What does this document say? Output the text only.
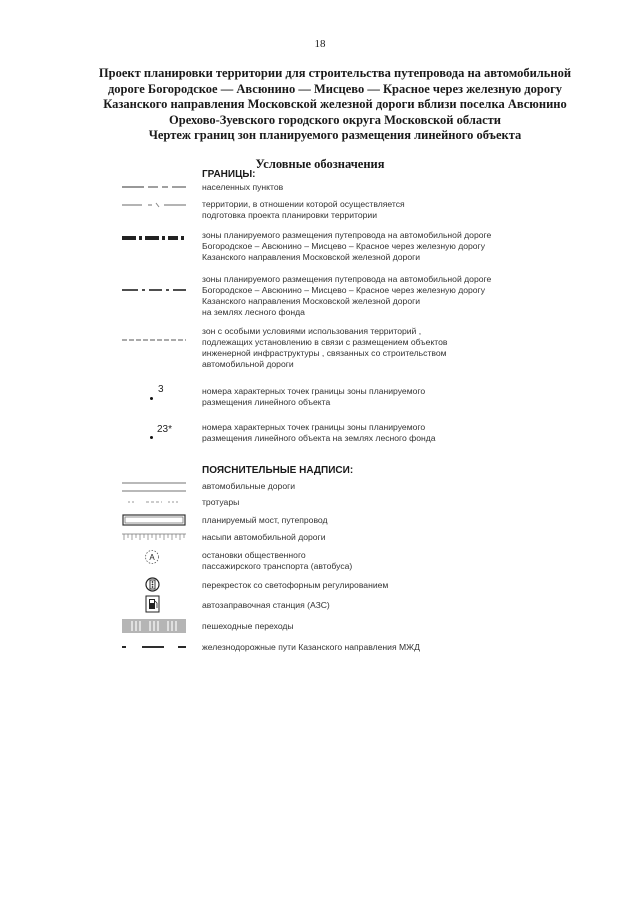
18
Проект планировки территории для строительства путепровода на автомобильной
дороге Богородское — Авсюнино — Мисцево — Красное через железную дорогу
Казанского направления Московской железной дороги вблизи поселка Авсюнино
Орехово-Зуевского городского округа Московской области
Чертеж границ зон планируемого размещения линейного объекта
Условные обозначения
ГРАНИЦЫ:
населенных пунктов
территории, в отношении которой осуществляется
подготовка проекта планировки территории
зоны планируемого размещения путепровода на автомобильной дороге
Богородское – Авсюнино – Мисцево – Красное через железную дорогу
Казанского направления Московской железной дороги
зоны планируемого размещения путепровода на автомобильной дороге
Богородское – Авсюнино – Мисцево – Красное через железную дорогу
Казанского направления Московской железной дороги
на землях лесного фонда
зон с особыми условиями использования территорий ,
подлежащих установлению в связи с размещением объектов
инженерной инфраструктуры , связанных со строительством
автомобильной дороги
3	номера характерных точек границы зоны планируемого
размещения линейного объекта
23*	номера характерных точек границы зоны планируемого
размещения линейного объекта на землях лесного фонда
ПОЯСНИТЕЛЬНЫЕ НАДПИСИ:
автомобильные дороги
тротуары
планируемый мост, путепровод
насыпи автомобильной дороги
A	остановки общественного
пассажирского транспорта (автобуса)
перекресток со светофорным регулированием
автозаправочная станция (АЗС)
пешеходные переходы
железнодорожные пути Казанского направления МЖД
